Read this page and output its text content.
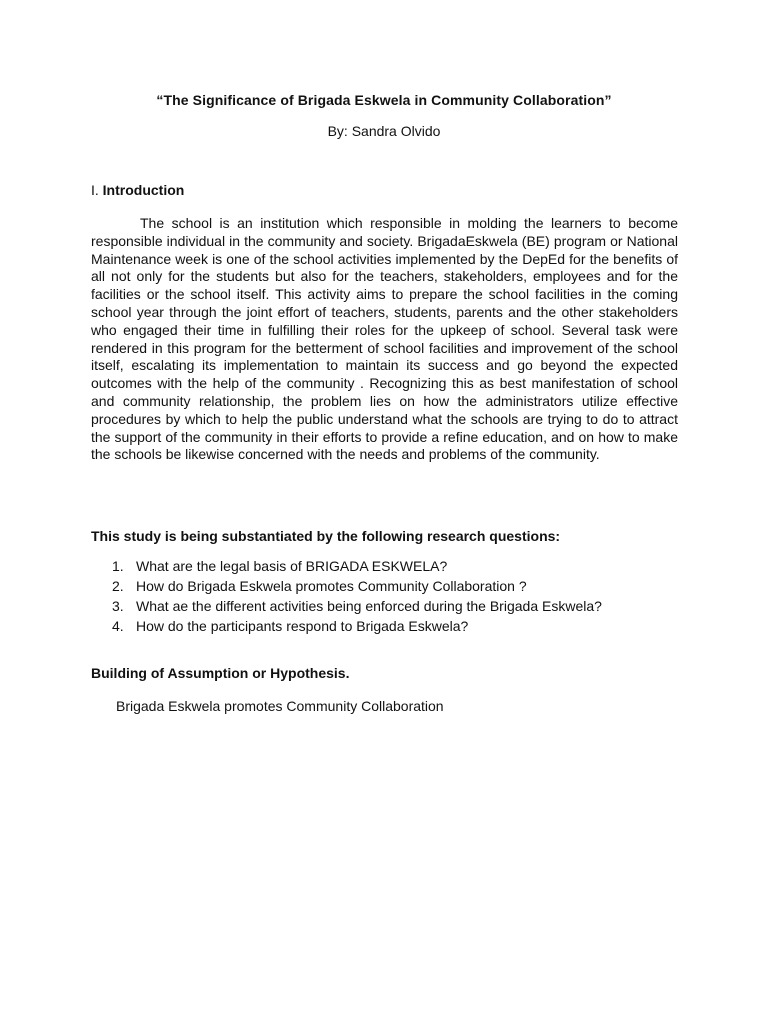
“The Significance of Brigada Eskwela in Community Collaboration”
By: Sandra Olvido
I. Introduction

The school is an institution which responsible in molding the learners to become responsible individual in the community and society. BrigadaEskwela (BE) program or National Maintenance week is one of the school activities implemented by the DepEd for the benefits of all not only for the students but also for the teachers, stakeholders, employees and for the facilities or the school itself. This activity aims to prepare the school facilities in the coming school year through the joint effort of teachers, students, parents and the other stakeholders who engaged their time in fulfilling their roles for the upkeep of school. Several task were rendered in this program for the betterment of school facilities and improvement of the school itself, escalating its implementation to maintain its success and go beyond the expected outcomes with the help of the community . Recognizing this as best manifestation of school and community relationship, the problem lies on how the administrators utilize effective procedures by which to help the public understand what the schools are trying to do to attract the support of the community in their efforts to provide a refine education, and on how to make the schools be likewise concerned with the needs and problems of the community.

This study is being substantiated by the following research questions:
1. What are the legal basis of BRIGADA ESKWELA?
2. How do Brigada Eskwela promotes Community Collaboration ?
3. What ae the different activities being enforced during the Brigada Eskwela?
4. How do the participants respond to Brigada Eskwela?
Building of Assumption or Hypothesis.
Brigada Eskwela promotes Community Collaboration
